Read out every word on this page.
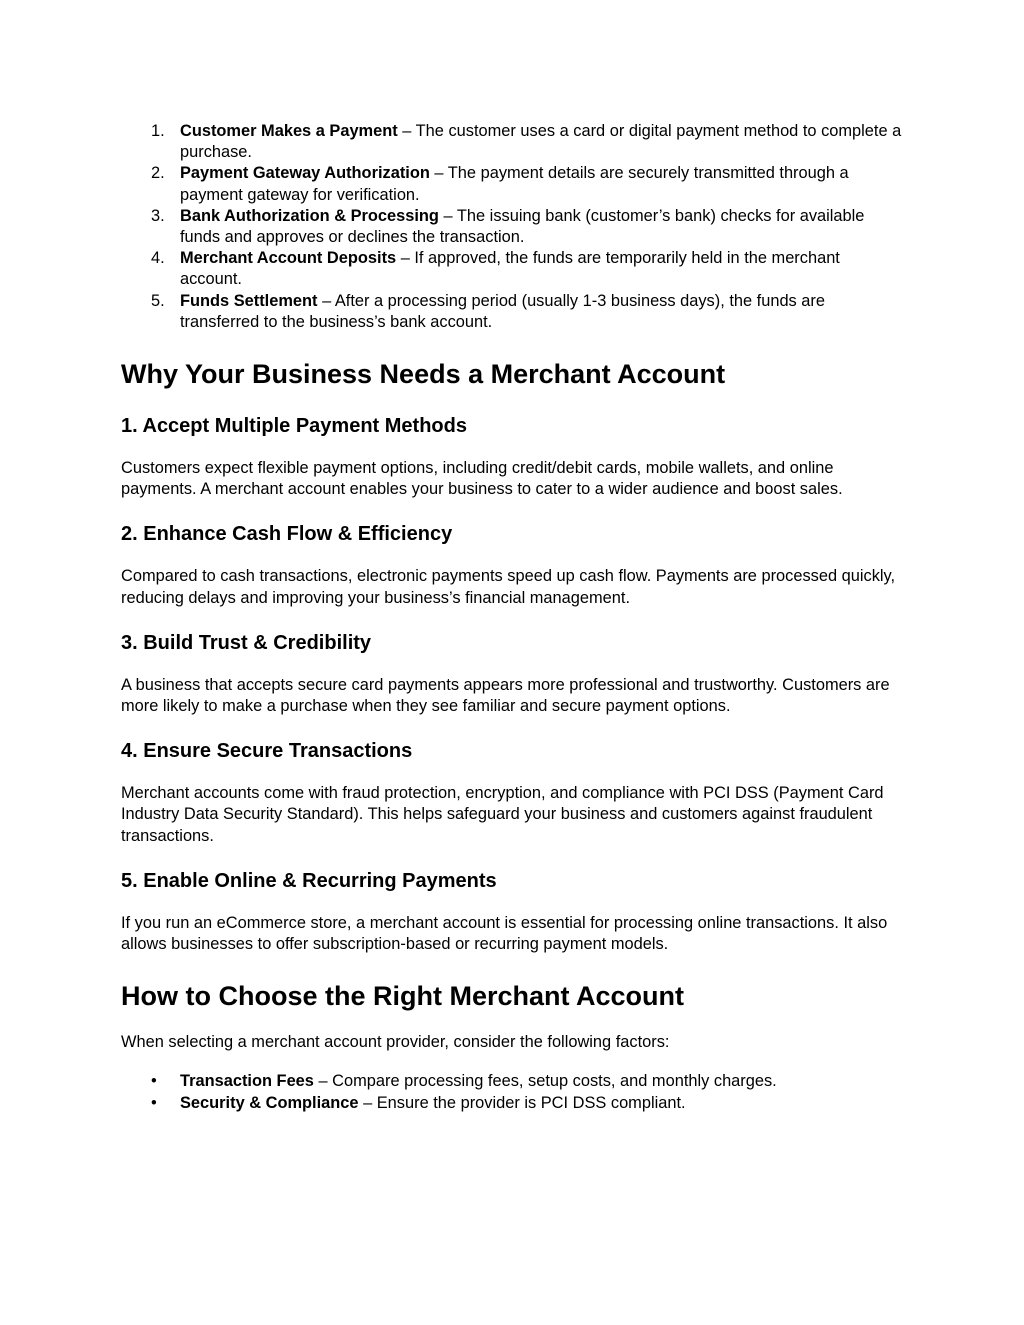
1. Customer Makes a Payment – The customer uses a card or digital payment method to complete a purchase.
2. Payment Gateway Authorization – The payment details are securely transmitted through a payment gateway for verification.
3. Bank Authorization & Processing – The issuing bank (customer’s bank) checks for available funds and approves or declines the transaction.
4. Merchant Account Deposits – If approved, the funds are temporarily held in the merchant account.
5. Funds Settlement – After a processing period (usually 1-3 business days), the funds are transferred to the business’s bank account.
Why Your Business Needs a Merchant Account
1. Accept Multiple Payment Methods

Customers expect flexible payment options, including credit/debit cards, mobile wallets, and online payments. A merchant account enables your business to cater to a wider audience and boost sales.

2. Enhance Cash Flow & Efficiency

Compared to cash transactions, electronic payments speed up cash flow. Payments are processed quickly, reducing delays and improving your business’s financial management.

3. Build Trust & Credibility

A business that accepts secure card payments appears more professional and trustworthy. Customers are more likely to make a purchase when they see familiar and secure payment options.

4. Ensure Secure Transactions

Merchant accounts come with fraud protection, encryption, and compliance with PCI DSS (Payment Card Industry Data Security Standard). This helps safeguard your business and customers against fraudulent transactions.

5. Enable Online & Recurring Payments

If you run an eCommerce store, a merchant account is essential for processing online transactions. It also allows businesses to offer subscription-based or recurring payment models.

How to Choose the Right Merchant Account

When selecting a merchant account provider, consider the following factors:

• Transaction Fees – Compare processing fees, setup costs, and monthly charges.
• Security & Compliance – Ensure the provider is PCI DSS compliant.
